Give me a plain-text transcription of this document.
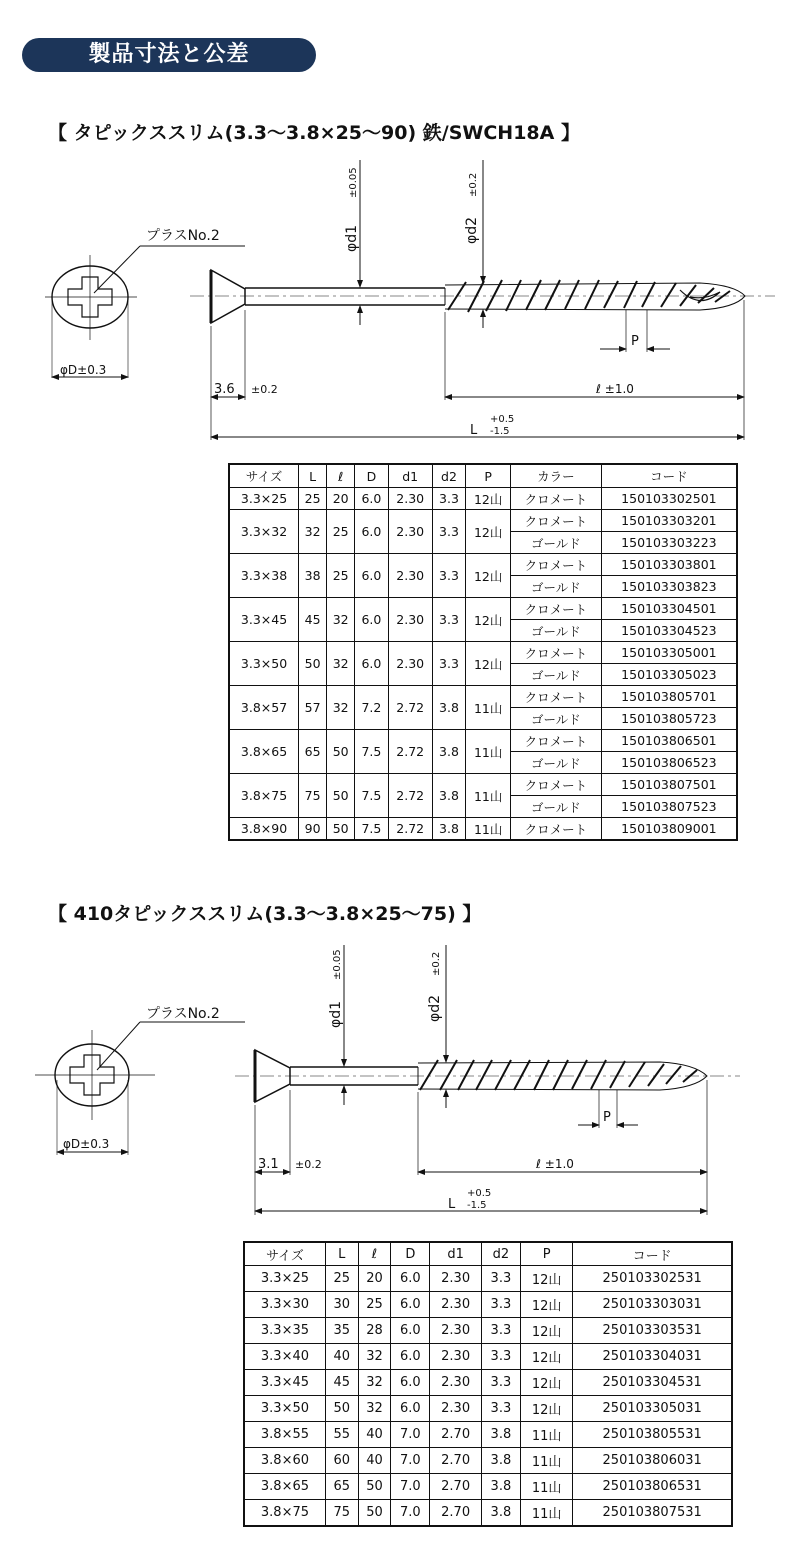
製品寸法と公差
【 タピックススリム(3.3〜3.8×25〜90) 鉄/SWCH18A 】
プラスNo.2
φD±0.3
3.6 ±0.2	ℓ ±1.0
L
+0.5
-1.5
P
φd1
±0.05
φd2
±0.2
サイズ	L	ℓ	D	d1	d2	P	カラー	コード
3.3×25	25	20	6.0	2.30	3.3	12山	クロメート	150103302501
3.3×32	32	25	6.0	2.30	3.3	12山	クロメート	150103303201
							ゴールド	150103303223
3.3×38	38	25	6.0	2.30	3.3	12山	クロメート	150103303801
							ゴールド	150103303823
3.3×45	45	32	6.0	2.30	3.3	12山	クロメート	150103304501
							ゴールド	150103304523
3.3×50	50	32	6.0	2.30	3.3	12山	クロメート	150103305001
							ゴールド	150103305023
3.8×57	57	32	7.2	2.72	3.8	11山	クロメート	150103805701
							ゴールド	150103805723
3.8×65	65	50	7.5	2.72	3.8	11山	クロメート	150103806501
							ゴールド	150103806523
3.8×75	75	50	7.5	2.72	3.8	11山	クロメート	150103807501
							ゴールド	150103807523
3.8×90	90	50	7.5	2.72	3.8	11山	クロメート	150103809001
【 410タピックススリム(3.3〜3.8×25〜75) 】
プラスNo.2
φD±0.3
3.1 ±0.2	ℓ ±1.0
L
+0.5
-1.5
P
φd1
±0.05
φd2
±0.2
サイズ	L	ℓ	D	d1	d2	P	コード
3.3×25	25	20	6.0	2.30	3.3	12山	250103302531
3.3×30	30	25	6.0	2.30	3.3	12山	250103303031
3.3×35	35	28	6.0	2.30	3.3	12山	250103303531
3.3×40	40	32	6.0	2.30	3.3	12山	250103304031
3.3×45	45	32	6.0	2.30	3.3	12山	250103304531
3.3×50	50	32	6.0	2.30	3.3	12山	250103305031
3.8×55	55	40	7.0	2.70	3.8	11山	250103805531
3.8×60	60	40	7.0	2.70	3.8	11山	250103806031
3.8×65	65	50	7.0	2.70	3.8	11山	250103806531
3.8×75	75	50	7.0	2.70	3.8	11山	250103807531
